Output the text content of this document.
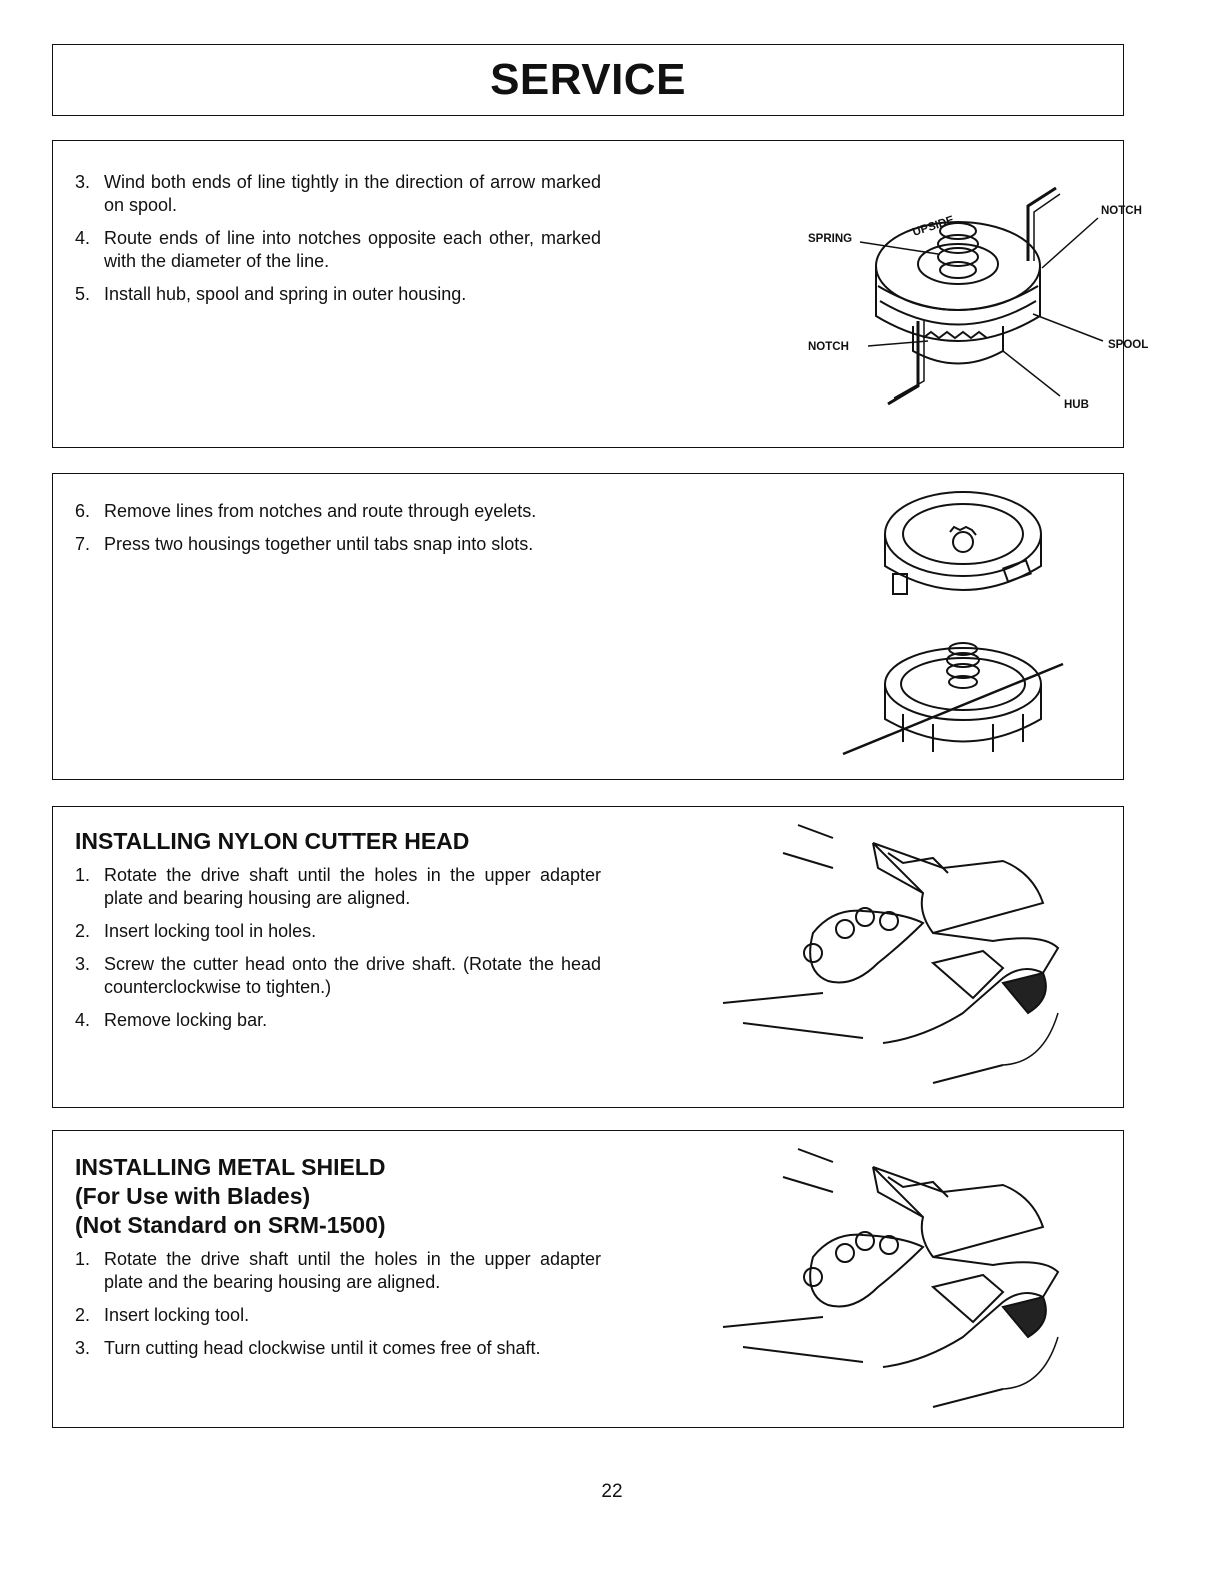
SERVICE
3. Wind both ends of line tightly in the direction of arrow marked on spool.
4. Route ends of line into notches opposite each other, marked with the diameter of the line.
5. Install hub, spool and spring in outer housing.
UPSIDE
NOTCH
SPRING
NOTCH	SPOOL
HUB
6. Remove lines from notches and route through eyelets.
7. Press two housings together until tabs snap into slots.
INSTALLING NYLON CUTTER HEAD
1. Rotate the drive shaft until the holes in the upper adapter plate and bearing housing are aligned.
2. Insert locking tool in holes.
3. Screw the cutter head onto the drive shaft. (Rotate the head counterclockwise to tighten.)
4. Remove locking bar.
INSTALLING METAL SHIELD
(For Use with Blades)
(Not Standard on SRM-1500)
1. Rotate the drive shaft until the holes in the upper adapter plate and the bearing housing are aligned.
2. Insert locking tool.
3. Turn cutting head clockwise until it comes free of shaft.
22
